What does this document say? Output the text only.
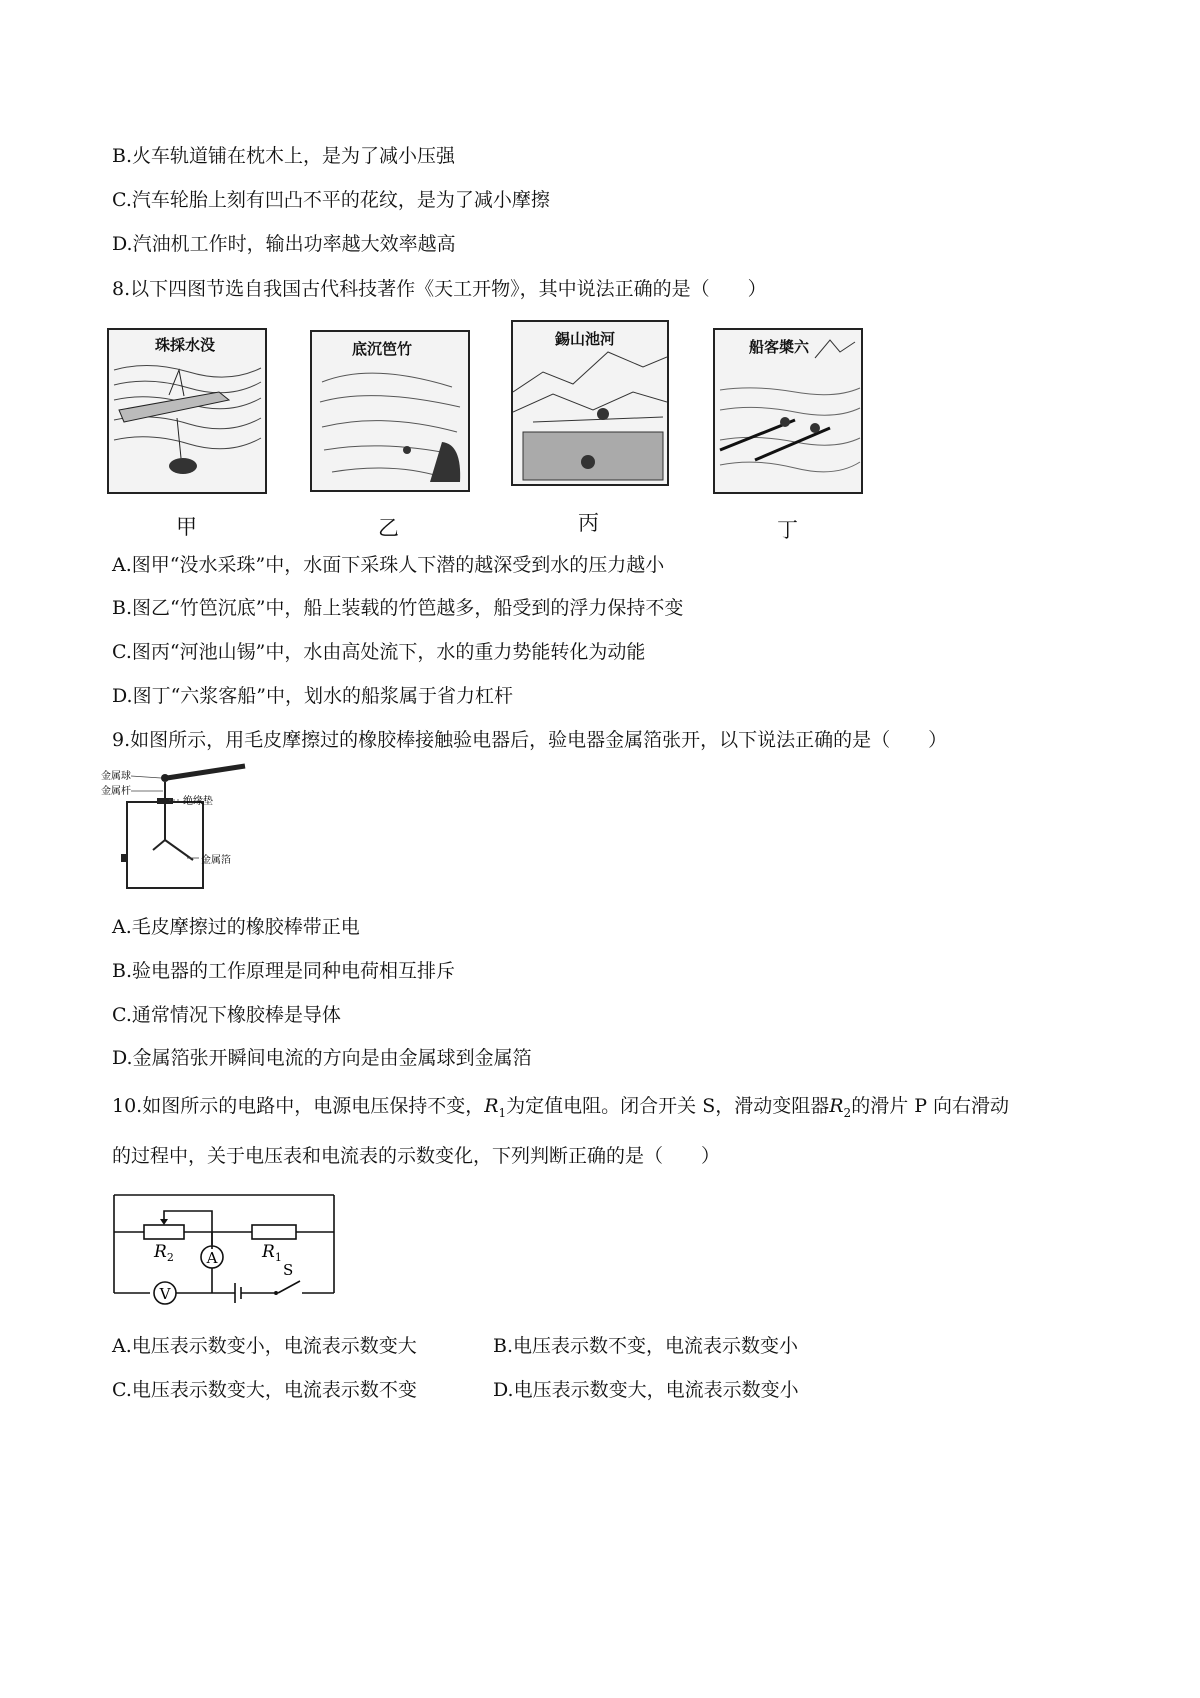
B.火车轨道铺在枕木上，是为了减小压强
C.汽车轮胎上刻有凹凸不平的花纹，是为了减小摩擦
D.汽油机工作时，输出功率越大效率越高
8.以下四图节选自我国古代科技著作《天工开物》，其中说法正确的是（　　）
珠採水没
甲
底沉笆竹
乙
錫山池河
丙
船客槳六
丁
A.图甲“没水采珠”中，水面下采珠人下潜的越深受到水的压力越小
B.图乙“竹笆沉底”中，船上装载的竹笆越多，船受到的浮力保持不变
C.图丙“河池山锡”中，水由高处流下，水的重力势能转化为动能
D.图丁“六浆客船”中，划水的船浆属于省力杠杆
9.如图所示，用毛皮摩擦过的橡胶棒接触验电器后，验电器金属箔张开，以下说法正确的是（　　）
金属球
金属杆
绝缘垫
金属箔
A.毛皮摩擦过的橡胶棒带正电
B.验电器的工作原理是同种电荷相互排斥
C.通常情况下橡胶棒是导体
D.金属箔张开瞬间电流的方向是由金属球到金属箔
10.如图所示的电路中，电源电压保持不变，$R_1$为定值电阻。闭合开关 S，滑动变阻器$R_2$的滑片 P 向右滑动
的过程中，关于电压表和电流表的示数变化，下列判断正确的是（　　）
$R_2$	$R_1$
A
V
S
A.电压表示数变小，电流表示数变大	B.电压表示数不变，电流表示数变小
C.电压表示数变大，电流表示数不变	D.电压表示数变大，电流表示数变小
